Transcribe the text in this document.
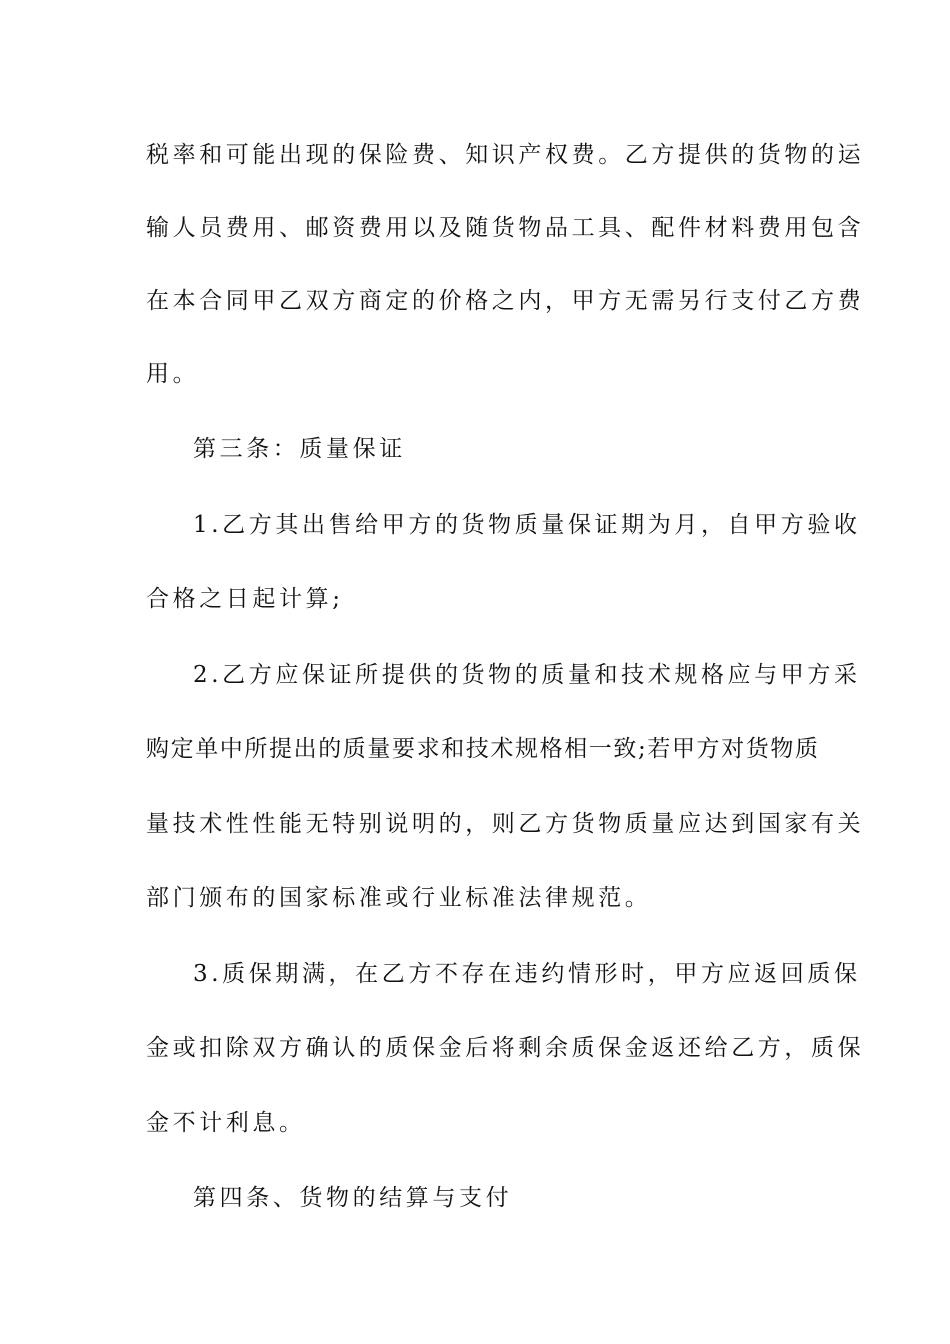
税率和可能出现的保险费、知识产权费。乙方提供的货物的运
输人员费用、邮资费用以及随货物品工具、配件材料费用包含
在本合同甲乙双方商定的价格之内，甲方无需另行支付乙方费
用。
第三条：质量保证
1.乙方其出售给甲方的货物质量保证期为月，自甲方验收
合格之日起计算;
2.乙方应保证所提供的货物的质量和技术规格应与甲方采
购定单中所提出的质量要求和技术规格相一致;若甲方对货物质
量技术性性能无特别说明的，则乙方货物质量应达到国家有关
部门颁布的国家标准或行业标准法律规范。
3.质保期满，在乙方不存在违约情形时，甲方应返回质保
金或扣除双方确认的质保金后将剩余质保金返还给乙方，质保
金不计利息。
第四条、货物的结算与支付
